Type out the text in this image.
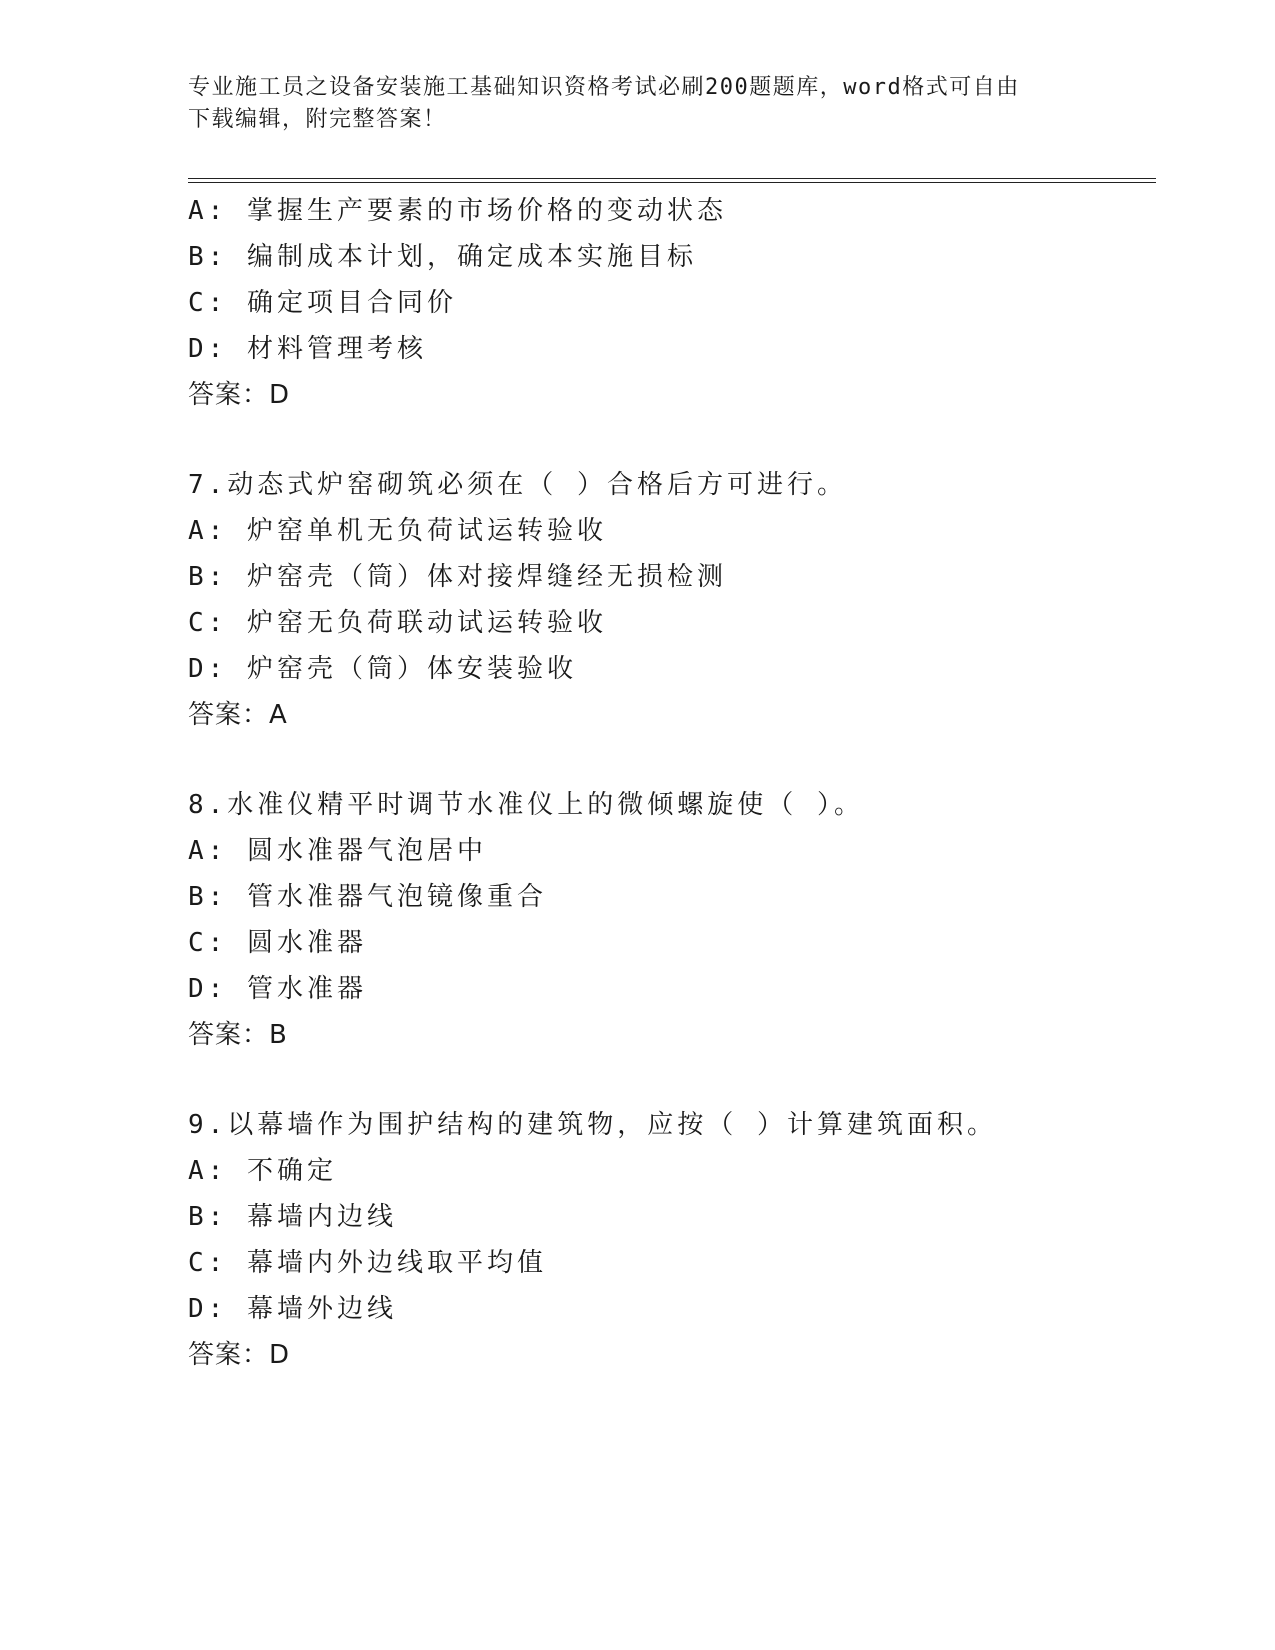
专业施工员之设备安装施工基础知识资格考试必刷200题题库，word格式可自由
下载编辑，附完整答案！
A: 掌握生产要素的市场价格的变动状态
B: 编制成本计划，确定成本实施目标
C: 确定项目合同价
D: 材料管理考核
答案：D
7.动态式炉窑砌筑必须在（ ）合格后方可进行。
A: 炉窑单机无负荷试运转验收
B: 炉窑壳（筒）体对接焊缝经无损检测
C: 炉窑无负荷联动试运转验收
D: 炉窑壳（筒）体安装验收
答案：A
8.水准仪精平时调节水准仪上的微倾螺旋使（ ）。
A: 圆水准器气泡居中
B: 管水准器气泡镜像重合
C: 圆水准器
D: 管水准器
答案：B
9.以幕墙作为围护结构的建筑物，应按（ ）计算建筑面积。
A: 不确定
B: 幕墙内边线
C: 幕墙内外边线取平均值
D: 幕墙外边线
答案：D
